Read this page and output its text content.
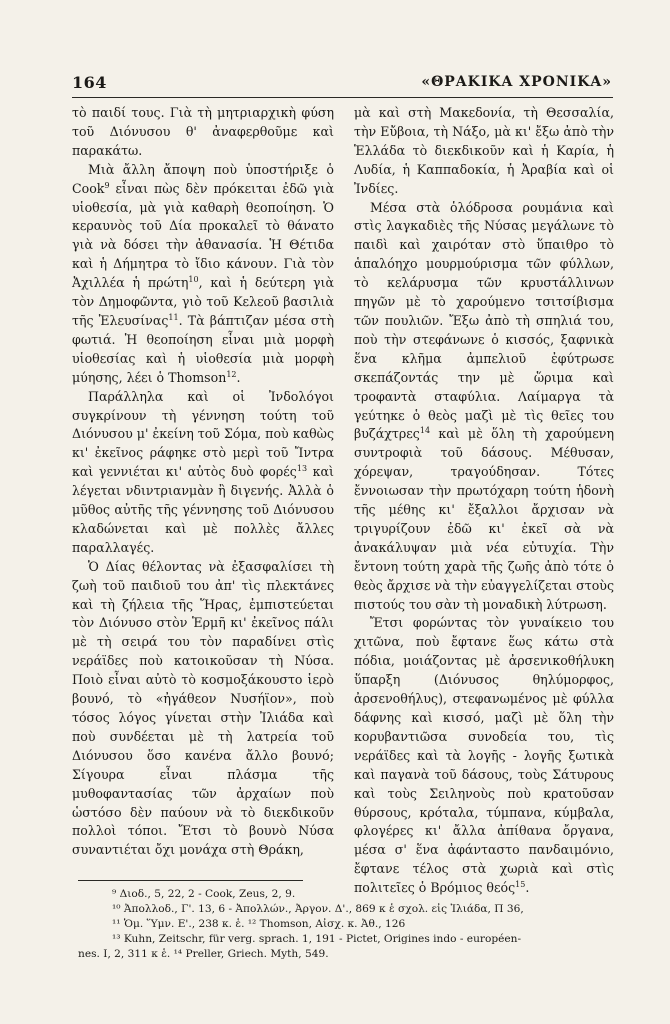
164	«ΘΡΑΚΙΚΑ ΧΡΟΝΙΚΑ»

τὸ παιδί τους. Γιὰ τὴ μητριαρχικὴ φύση τοῦ Διόνυσου θ' ἀναφερθοῦμε καὶ παρακάτω.

Μιὰ ἄλλη ἄποψη ποὺ ὑποστήριξε ὁ Cook$^9$ εἶναι πὼς δὲν πρόκειται ἐδῶ γιὰ υἱοθεσία, μὰ γιὰ καθαρὴ θεοποίηση. Ὁ κεραυνὸς τοῦ Δία προκαλεῖ τὸ θάνατο γιὰ νὰ δόσει τὴν ἀθανασία. Ἡ Θέτιδα καὶ ἡ Δήμητρα τὸ ἴδιο κάνουν. Γιὰ τὸν Ἀχιλλέα ἡ πρώτη$^{10}$, καὶ ἡ δεύτερη γιὰ τὸν Δημοφῶντα, γιὸ τοῦ Κελεοῦ βασιλιὰ τῆς Ἐλευσίνας$^{11}$. Τὰ βάπτιζαν μέσα στὴ φωτιά. Ἡ θεοποίηση εἶναι μιὰ μορφὴ υἱοθεσίας καὶ ἡ υἱοθεσία μιὰ μορφὴ μύησης, λέει ὁ Thomson$^{12}$.

Παράλληλα καὶ οἱ Ἰνδολόγοι συγκρίνουν τὴ γέννηση τούτη τοῦ Διόνυσου μ' ἐκείνη τοῦ Σόμα, ποὺ καθὼς κι' ἐκεῖνος ράφηκε στὸ μερὶ τοῦ Ἴντρα καὶ γεννιέται κι' αὐτὸς δυὸ φορές$^{13}$ καὶ λέγεται νδιντριανμὰν ἢ διγενής. Ἀλλὰ ὁ μῦθος αὐτῆς τῆς γέννησης τοῦ Διόνυσου κλαδώνεται καὶ μὲ πολλὲς ἄλλες παραλλαγές.

Ὁ Δίας θέλοντας νὰ ἐξασφαλίσει τὴ ζωὴ τοῦ παιδιοῦ του ἀπ' τὶς πλεκτάνες καὶ τὴ ζήλεια τῆς Ἥρας, ἐμπιστεύεται τὸν Διόνυσο στὸν Ἑρμῆ κι' ἐκεῖνος πάλι μὲ τὴ σειρά του τὸν παραδίνει στὶς νεράϊδες ποὺ κατοικοῦσαν τὴ Νύσα. Ποιὸ εἶναι αὐτὸ τὸ κοσμοξάκουστο ἱερὸ βουνό, τὸ «ἠγάθεον Νυσήϊον», ποὺ τόσος λόγος γίνεται στὴν Ἰλιάδα καὶ ποὺ συνδέεται μὲ τὴ λατρεία τοῦ Διόνυσου ὅσο κανένα ἄλλο βουνό; Σίγουρα εἶναι πλάσμα τῆς μυθοφαντασίας τῶν ἀρχαίων ποὺ ὡστόσο δὲν παύουν νὰ τὸ διεκδικοῦν πολλοὶ τόποι. Ἔτσι τὸ βουνὸ Νύσα συναντιέται ὄχι μονάχα στὴ Θράκη,

μὰ καὶ στὴ Μακεδονία, τὴ Θεσσαλία, τὴν Εὔβοια, τὴ Νάξο, μὰ κι' ἔξω ἀπὸ τὴν Ἑλλάδα τὸ διεκδικοῦν καὶ ἡ Καρία, ἡ Λυδία, ἡ Καππαδοκία, ἡ Ἀραβία καὶ οἱ Ἰνδίες.

Μέσα στὰ ὁλόδροσα ρουμάνια καὶ στὶς λαγκαδιὲς τῆς Νύσας μεγάλωνε τὸ παιδὶ καὶ χαιρόταν στὸ ὕπαιθρο τὸ ἁπαλόηχο μουρμούρισμα τῶν φύλλων, τὸ κελάρυσμα τῶν κρυστάλλινων πηγῶν μὲ τὸ χαρούμενο τσιτσίβισμα τῶν πουλιῶν. Ἔξω ἀπὸ τὴ σπηλιά του, ποὺ τὴν στεφάνωνε ὁ κισσός, ξαφνικὰ ἕνα κλῆμα ἀμπελιοῦ ἐφύτρωσε σκεπάζοντάς την μὲ ὥριμα καὶ τροφαντὰ σταφύλια. Λαίμαργα τὰ γεύτηκε ὁ θεὸς μαζὶ μὲ τὶς θεῖες του βυζάχτρες$^{14}$ καὶ μὲ ὅλη τὴ χαρούμενη συντροφιὰ τοῦ δάσους. Μέθυσαν, χόρεψαν, τραγούδησαν. Τότες ἔννοιωσαν τὴν πρωτόχαρη τούτη ἡδονὴ τῆς μέθης κι' ἔξαλλοι ἄρχισαν νὰ τριγυρίζουν ἐδῶ κι' ἐκεῖ σὰ νὰ ἀνακάλυψαν μιὰ νέα εὐτυχία. Τὴν ἔντονη τούτη χαρὰ τῆς ζωῆς ἀπὸ τότε ὁ θεὸς ἄρχισε νὰ τὴν εὐαγγελίζεται στοὺς πιστούς του σὰν τὴ μοναδικὴ λύτρωση.

Ἔτσι φορώντας τὸν γυναίκειο του χιτῶνα, ποὺ ἔφτανε ἕως κάτω στὰ πόδια, μοιάζοντας μὲ ἀρσενικοθήλυκη ὕπαρξη (Διόνυσος θηλύμορφος, ἀρσενοθήλυς), στεφανωμένος μὲ φύλλα δάφνης καὶ κισσό, μαζὶ μὲ ὅλη τὴν κορυβαντιῶσα συνοδεία του, τὶς νεράϊδες καὶ τὰ λογῆς - λογῆς ξωτικὰ καὶ παγανὰ τοῦ δάσους, τοὺς Σάτυρους καὶ τοὺς Σειληνοὺς ποὺ κρατοῦσαν θύρσους, κρόταλα, τύμπανα, κύμβαλα, φλογέρες κι' ἄλλα ἀπίθανα ὄργανα, μέσα σ' ἕνα ἀφάνταστο πανδαιμόνιο, ἔφτανε τέλος στὰ χωριὰ καὶ στὶς πολιτεῖες ὁ Βρόμιος θεός$^{15}$.

⁹ Διοδ., 5, 22, 2 - Cook, Zeus, 2, 9.

¹⁰ Ἀπολλοδ., Γ'. 13, 6 - Ἀπολλών., Ἀργον. Δ'., 869 κ ἑ σχολ. εἰς Ἰλιάδα, Π 36,

¹¹ Ὁμ. Ὕμν. Ε'., 238 κ. ἑ. ¹² Thomson, Αἰσχ. κ. Ἀθ., 126

¹³ Kuhn, Zeitschr, für verg. sprach. 1, 191 - Pictet, Origines indo - européen-

nes. I, 2, 311 κ ἑ. ¹⁴ Preller, Griech. Myth, 549.
